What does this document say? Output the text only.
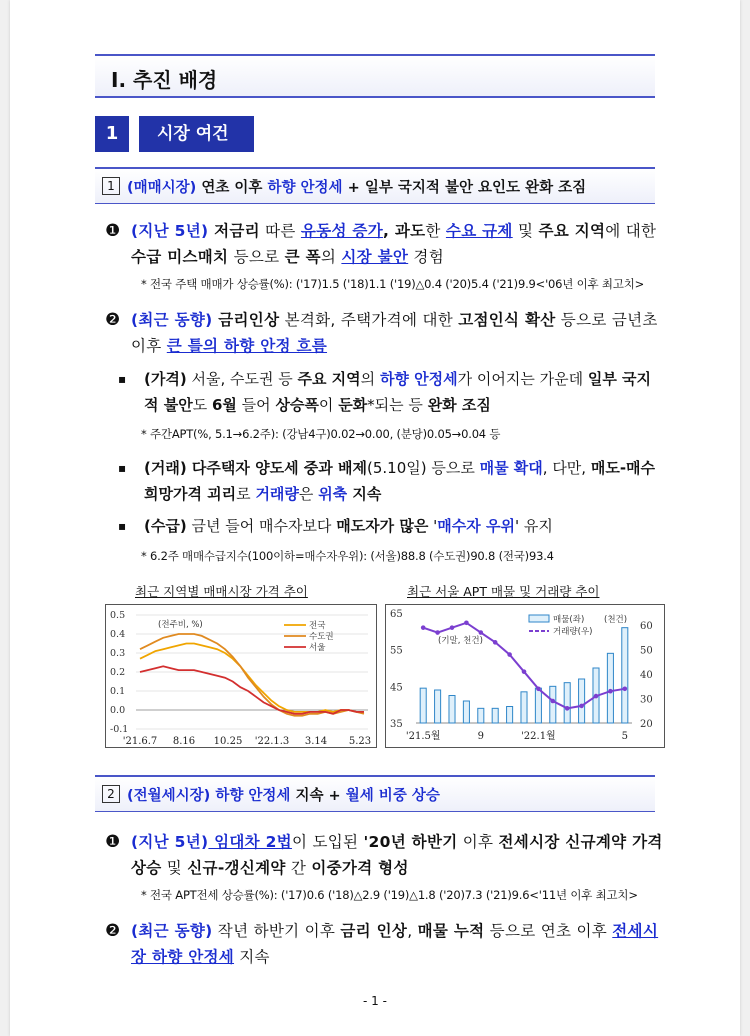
Ⅰ. 추진 배경
1	시장 여건
1 (매매시장) 연초 이후 하향 안정세 + 일부 국지적 불안 요인도 완화 조짐
❶ (지난 5년) 저금리 따른 유동성 증가, 과도한 수요 규제 및 주요 지역에 대한 수급 미스매치 등으로 큰 폭의 시장 불안 경험
* 전국 주택 매매가 상승률(%): ('17)1.5 ('18)1.1 ('19)△0.4 ('20)5.4 ('21)9.9<'06년 이후 최고치>
❷ (최근 동향) 금리인상 본격화, 주택가격에 대한 고점인식 확산 등으로 금년초 이후 큰 틀의 하향 안정 흐름
▪ (가격) 서울, 수도권 등 주요 지역의 하향 안정세가 이어지는 가운데 일부 국지적 불안도 6월 들어 상승폭이 둔화*되는 등 완화 조짐
* 주간APT(%, 5.1→6.2주): (강남4구)0.02→0.00, (분당)0.05→0.04 등
▪ (거래) 다주택자 양도세 중과 배제(5.10일) 등으로 매물 확대, 다만, 매도-매수희망가격 괴리로 거래량은 위축 지속
▪ (수급) 금년 들어 매수자보다 매도자가 많은 '매수자 우위' 유지
* 6.2주 매매수급지수(100이하=매수자우위): (서울)88.8 (수도권)90.8 (전국)93.4
최근 지역별 매매시장 가격 추이	최근 서울 APT 매물 및 거래량 추이
0.5
0.4
0.3
0.2
0.1
0.0
-0.1
'21.6.7 8.16 10.25 '22.1.3 3.14 5.23
(전주비, %)	전국
수도권
서울
65
55
45
35
60
50
40
30
20
'21.5월	9	'22.1월	5
(기말, 천건)
매물(좌)
거래량(우)
(천건)
2 (전월세시장) 하향 안정세 지속 + 월세 비중 상승
❶ (지난 5년) 임대차 2법이 도입된 '20년 하반기 이후 전세시장 신규계약 가격 상승 및 신규-갱신계약 간 이중가격 형성
* 전국 APT전세 상승률(%): ('17)0.6 ('18)△2.9 ('19)△1.8 ('20)7.3 ('21)9.6<'11년 이후 최고치>
❷ (최근 동향) 작년 하반기 이후 금리 인상, 매물 누적 등으로 연초 이후 전세시장 하향 안정세 지속
- 1 -
